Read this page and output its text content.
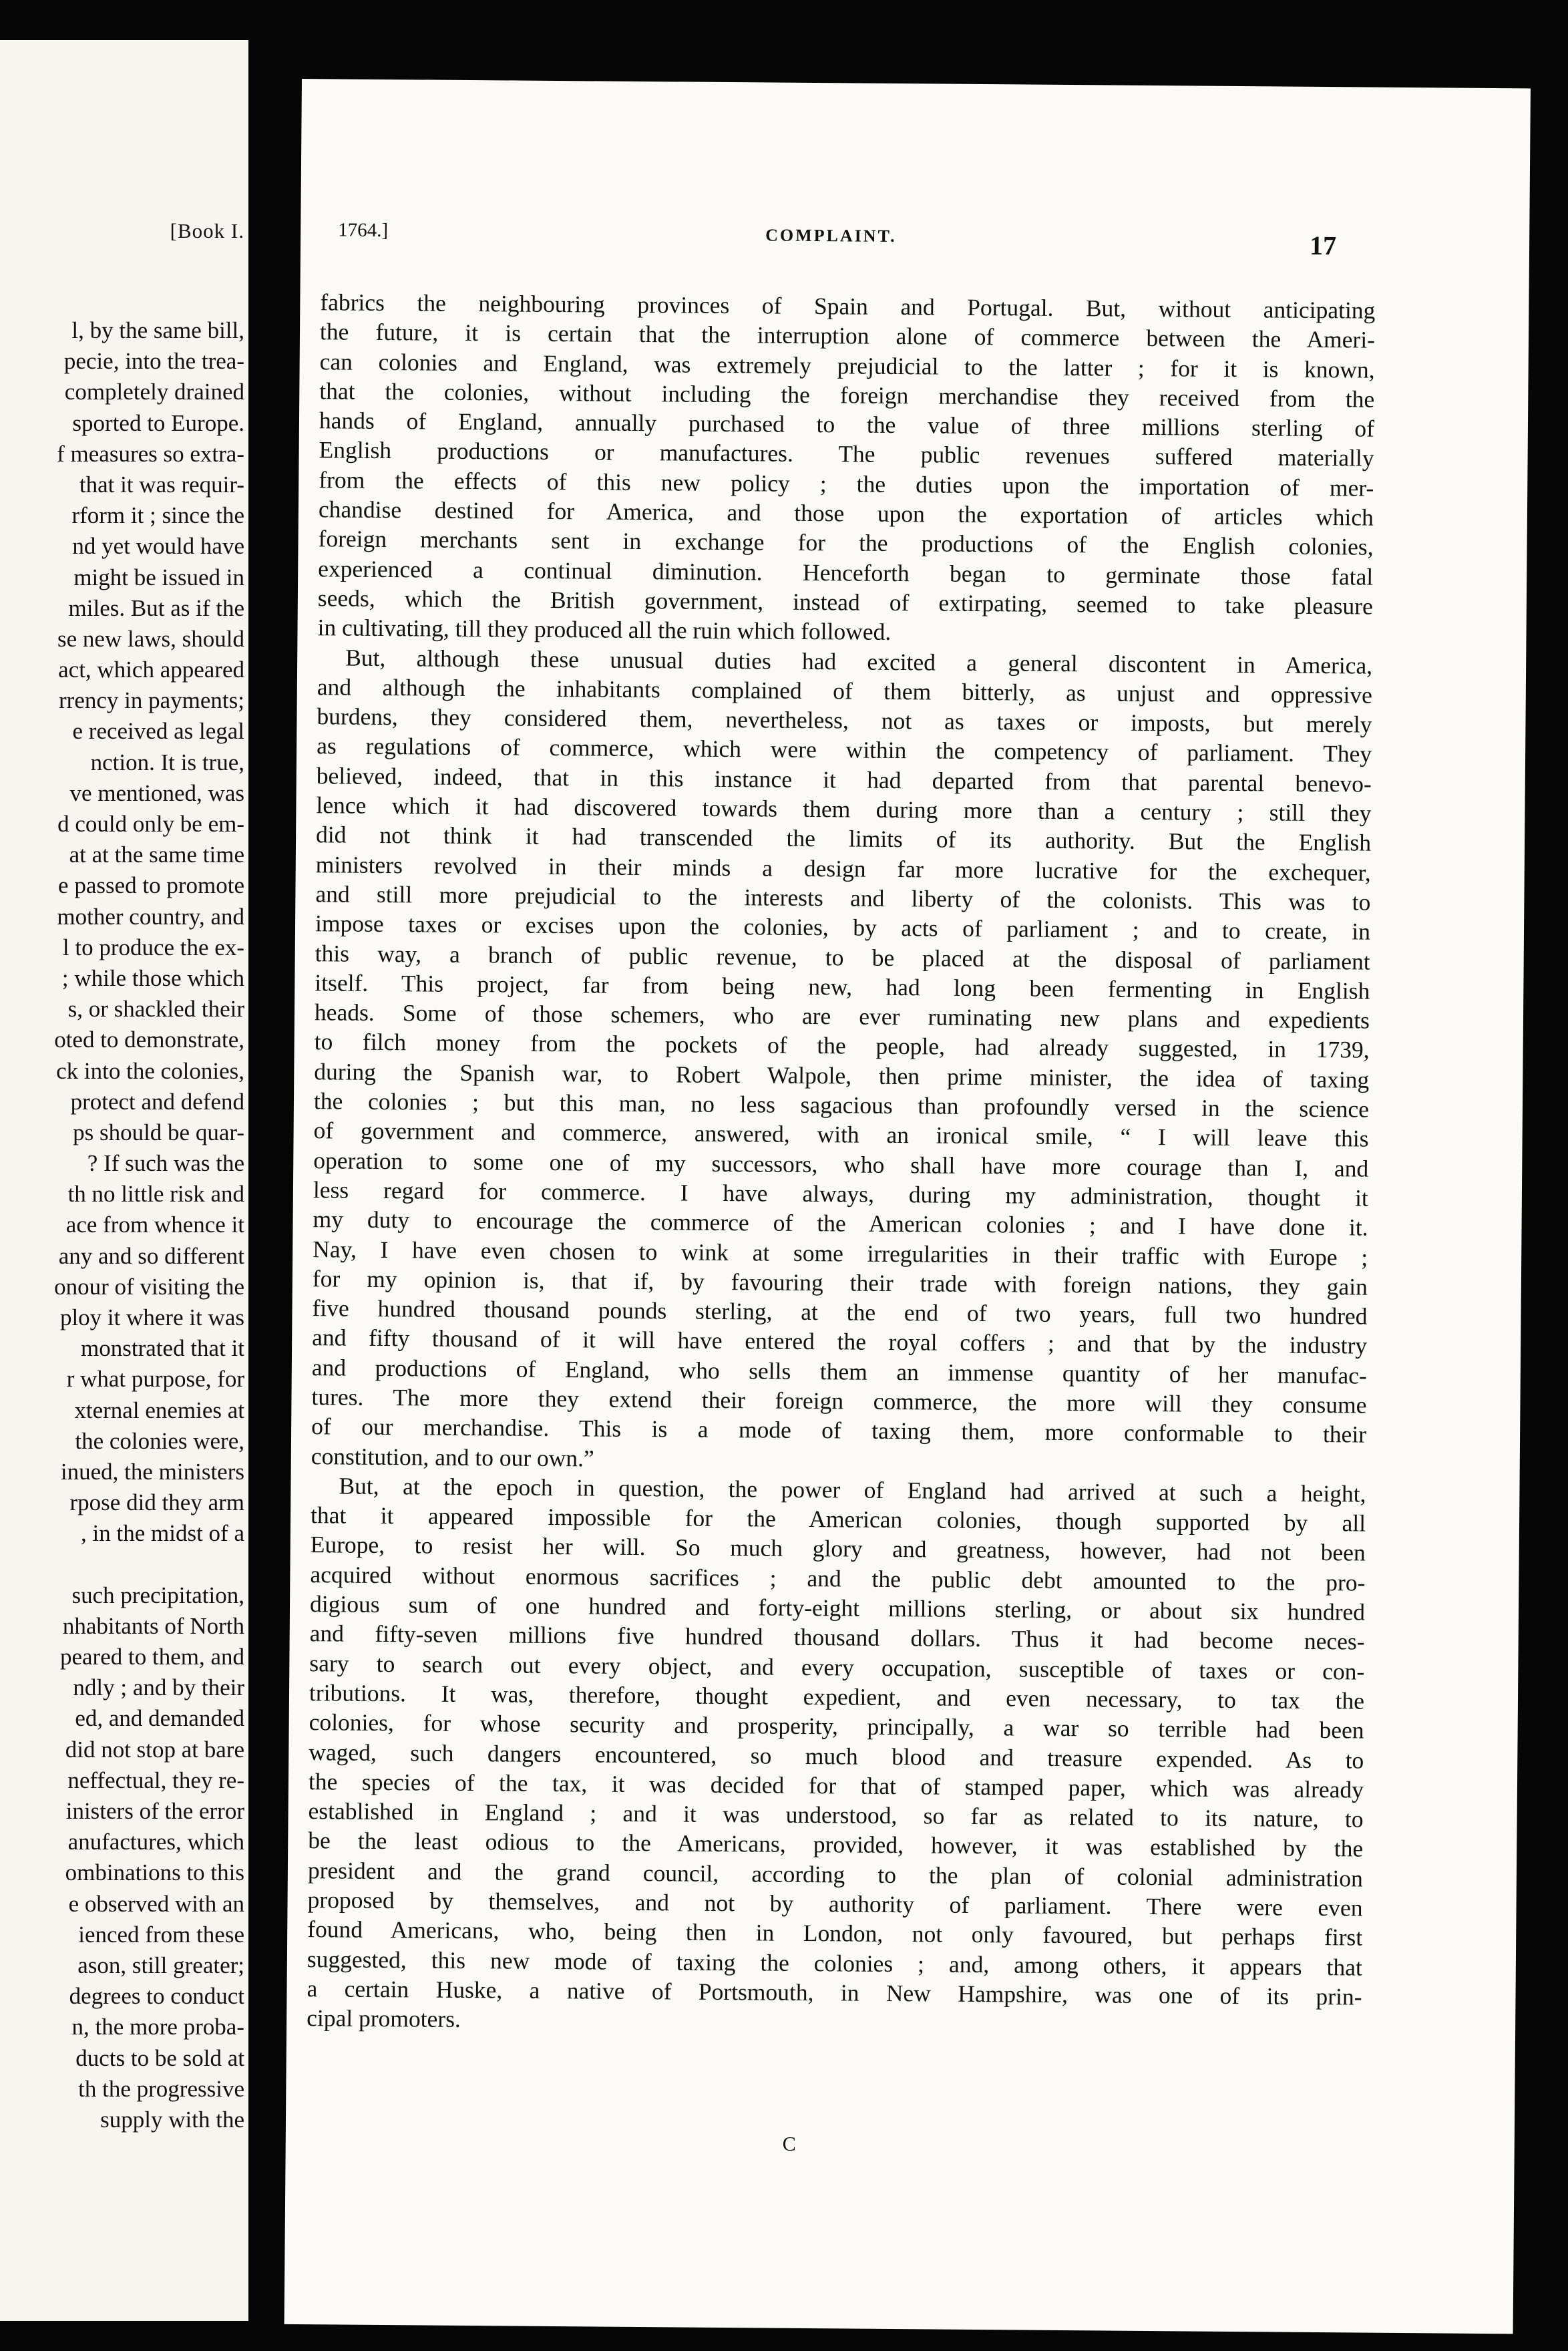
[Book I.
l, by the same bill,
pecie, into the trea-
completely drained
sported to Europe.
f measures so extra-
that it was requir-
rform it ; since the
nd yet would have
might be issued in
miles. But as if the
se new laws, should
act, which appeared
rrency in payments;
e received as legal
nction. It is true,
ve mentioned, was
d could only be em-
at at the same time
e passed to promote
mother country, and
l to produce the ex-
; while those which
s, or shackled their
oted to demonstrate,
ck into the colonies,
protect and defend
ps should be quar-
? If such was the
th no little risk and
ace from whence it
any and so different
onour of visiting the
ploy it where it was
monstrated that it
r what purpose, for
xternal enemies at
the colonies were,
inued, the ministers
rpose did they arm
, in the midst of a
such precipitation,
nhabitants of North
peared to them, and
ndly ; and by their
ed, and demanded
did not stop at bare
neffectual, they re-
inisters of the error
anufactures, which
ombinations to this
e observed with an
ienced from these
ason, still greater;
degrees to conduct
n, the more proba-
ducts to be sold at
th the progressive
supply with the
1764.]	COMPLAINT.	17
fabrics the neighbouring provinces of Spain and Portugal. But, without anticipating
the future, it is certain that the interruption alone of commerce between the Ameri-
can colonies and England, was extremely prejudicial to the latter ; for it is known,
that the colonies, without including the foreign merchandise they received from the
hands of England, annually purchased to the value of three millions sterling of
English productions or manufactures. The public revenues suffered materially
from the effects of this new policy ; the duties upon the importation of mer-
chandise destined for America, and those upon the exportation of articles which
foreign merchants sent in exchange for the productions of the English colonies,
experienced a continual diminution. Henceforth began to germinate those fatal
seeds, which the British government, instead of extirpating, seemed to take pleasure
in cultivating, till they produced all the ruin which followed.
But, although these unusual duties had excited a general discontent in America,
and although the inhabitants complained of them bitterly, as unjust and oppressive
burdens, they considered them, nevertheless, not as taxes or imposts, but merely
as regulations of commerce, which were within the competency of parliament. They
believed, indeed, that in this instance it had departed from that parental benevo-
lence which it had discovered towards them during more than a century ; still they
did not think it had transcended the limits of its authority. But the English
ministers revolved in their minds a design far more lucrative for the exchequer,
and still more prejudicial to the interests and liberty of the colonists. This was to
impose taxes or excises upon the colonies, by acts of parliament ; and to create, in
this way, a branch of public revenue, to be placed at the disposal of parliament
itself. This project, far from being new, had long been fermenting in English
heads. Some of those schemers, who are ever ruminating new plans and expedients
to filch money from the pockets of the people, had already suggested, in 1739,
during the Spanish war, to Robert Walpole, then prime minister, the idea of taxing
the colonies ; but this man, no less sagacious than profoundly versed in the science
of government and commerce, answered, with an ironical smile, “ I will leave this
operation to some one of my successors, who shall have more courage than I, and
less regard for commerce. I have always, during my administration, thought it
my duty to encourage the commerce of the American colonies ; and I have done it.
Nay, I have even chosen to wink at some irregularities in their traffic with Europe ;
for my opinion is, that if, by favouring their trade with foreign nations, they gain
five hundred thousand pounds sterling, at the end of two years, full two hundred
and fifty thousand of it will have entered the royal coffers ; and that by the industry
and productions of England, who sells them an immense quantity of her manufac-
tures. The more they extend their foreign commerce, the more will they consume
of our merchandise. This is a mode of taxing them, more conformable to their
constitution, and to our own.”
But, at the epoch in question, the power of England had arrived at such a height,
that it appeared impossible for the American colonies, though supported by all
Europe, to resist her will. So much glory and greatness, however, had not been
acquired without enormous sacrifices ; and the public debt amounted to the pro-
digious sum of one hundred and forty-eight millions sterling, or about six hundred
and fifty-seven millions five hundred thousand dollars. Thus it had become neces-
sary to search out every object, and every occupation, susceptible of taxes or con-
tributions. It was, therefore, thought expedient, and even necessary, to tax the
colonies, for whose security and prosperity, principally, a war so terrible had been
waged, such dangers encountered, so much blood and treasure expended. As to
the species of the tax, it was decided for that of stamped paper, which was already
established in England ; and it was understood, so far as related to its nature, to
be the least odious to the Americans, provided, however, it was established by the
president and the grand council, according to the plan of colonial administration
proposed by themselves, and not by authority of parliament. There were even
found Americans, who, being then in London, not only favoured, but perhaps first
suggested, this new mode of taxing the colonies ; and, among others, it appears that
a certain Huske, a native of Portsmouth, in New Hampshire, was one of its prin-
cipal promoters.
C
